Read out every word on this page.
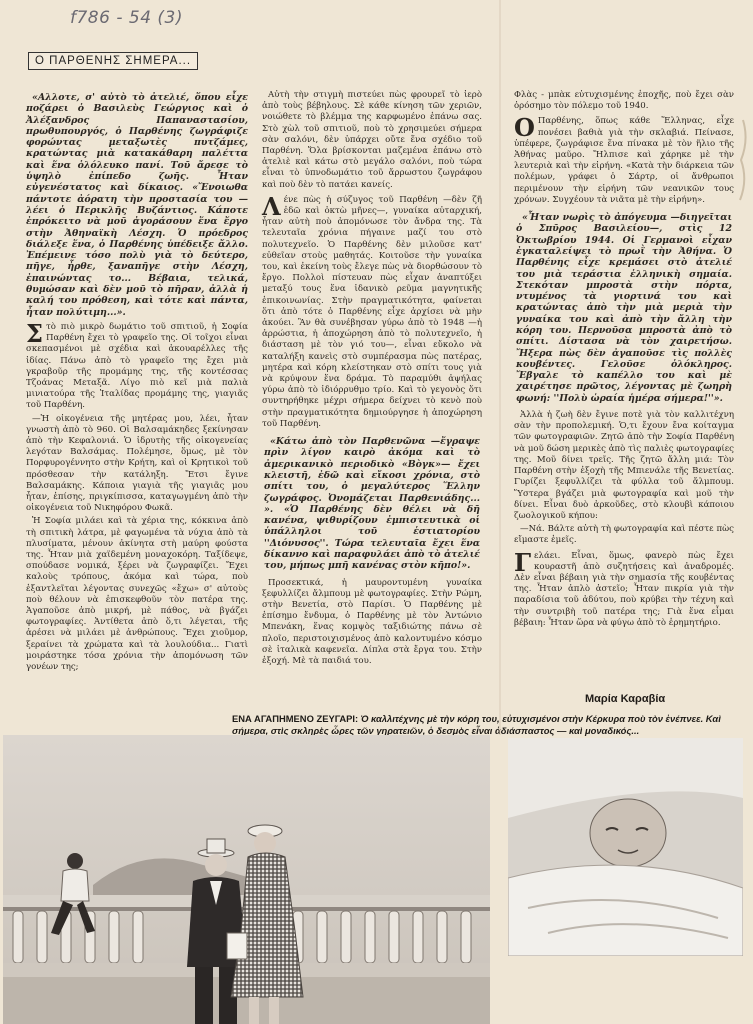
f786 - 54 (3)
Ο ΠΑΡΘΕΝΗΣ ΣΗΜΕΡΑ...

«Αλλοτε, σ' αὐτὸ τὸ ἀτελιέ, ὅπου εἶχε ποζάρει ὁ Βασιλεὺς Γεώργιος καὶ ὁ Ἀλέξανδρος Παπαναστασίου, πρωθυπουργός, ὁ Παρθένης ζωγράφιζε φορώντας μεταξωτὲς πυτζάμες, κρατώντας μιὰ κατακάθαρη παλέττα καὶ ἕνα ὁλόλευκο πανί. Τοῦ ἄρεσε τὸ ὑψηλὸ ἐπίπεδο ζωῆς. Ἦταν εὐγενέστατος καὶ δίκαιος. «Ἔνοιωθα πάντοτε ἀόρατη τὴν προστασία του — λέει ὁ Περικλῆς Βυζάντιος. Κάποτε ἐπρόκειτο νὰ μοῦ ἀγοράσουν ἕνα ἔργο στὴν Ἀθηναϊκὴ Λέσχη. Ὁ πρόεδρος διάλεξε ἕνα, ὁ Παρθένης ὑπέδειξε ἄλλο. Ἐπέμεινε τόσο πολὺ γιὰ τὸ δεύτερο, πῆγε, ἦρθε, ξαναπῆγε στὴν Λέσχη, ἐπαινώντας το... Βέβαια, τελικά, θυμώσαν καὶ δὲν μοῦ τὸ πῆραν, ἀλλὰ ἡ καλή του πρόθεση, καὶ τότε καὶ πάντα, ἦταν πολύτιμη...».

Στὸ πιὸ μικρὸ δωμάτιο τοῦ σπιτιοῦ, ἡ Σοφία Παρθένη ἔχει τὸ γραφεῖο της. Οἱ τοῖχοι εἶναι σκεπασμένοι μὲ σχέδια καὶ ἀκουαρέλλες τῆς ἰδίας. Πάνω ἀπὸ τὸ γραφεῖο της ἔχει μιὰ γκραβοῦρ τῆς προμάμης της, τῆς κοντέσσας Τζοάνας Μεταξᾶ. Λίγο πιὸ κεῖ μιὰ παλιὰ μινιατούρα τῆς Ἰταλίδας προμάμης της, γιαγιᾶς τοῦ Παρθένη.

—Ἡ οἰκογένεια τῆς μητέρας μου, λέει, ἦταν γνωστὴ ἀπὸ τὸ 960. Οἱ Βαλσαμάκηδες ξεκίνησαν ἀπὸ τὴν Κεφαλονιά. Ὁ ἱδρυτὴς τῆς οἰκογενείας λεγόταν Βαλσάμας. Πολέμησε, ὅμως, μὲ τὸν Πορφυρογέννητο στὴν Κρήτη, καὶ οἱ Κρητικοὶ τοῦ πρόσθεσαν τὴν κατάληξη. Ἔτσι ἔγινε Βαλσαμάκης. Κάποια γιαγιὰ τῆς γιαγιᾶς μου ἦταν, ἐπίσης, πριγκίπισσα, καταγωγμένη ἀπὸ τὴν οἰκογένεια τοῦ Νικηφόρου Φωκᾶ.

Ἡ Σοφία μιλάει καὶ τὰ χέρια της, κόκκινα ἀπὸ τὴ σπιτικὴ λάτρα, μὲ φαγωμένα τὰ νύχια ἀπὸ τὰ πλυσίματα, μένουν ἀκίνητα στὴ μαύρη φούστα της. Ἦταν μιὰ χαϊδεμένη μοναχοκόρη. Ταξίδεψε, σπούδασε νομικά, ξέρει νὰ ζωγραφίζει. Ἔχει καλοὺς τρόπους, ἀκόμα καὶ τώρα, ποὺ ἐξαντλεῖται λέγοντας συνεχῶς «ἔχω» σ' αὐτοὺς ποὺ θέλουν νὰ ἐπισκεφθοῦν τὸν πατέρα της. Ἀγαποῦσε ἀπὸ μικρή, μὲ πάθος, νὰ βγάζει φωτογραφίες. Ἀντίθετα ἀπὸ ὅ,τι λέγεται, τῆς ἀρέσει νὰ μιλάει μὲ ἀνθρώπους. Ἔχει χιοῦμορ, ξεραίνει τὰ χρώματα καὶ τὰ λουλούδια... Γιατὶ μοιράστηκε τόσα χρόνια τὴν ἀπομόνωση τῶν γονέων της;

Αὐτὴ τὴν στιγμὴ πιστεύει πὼς φρουρεῖ τὸ ἱερὸ ἀπὸ τοὺς βέβηλους. Σὲ κάθε κίνηση τῶν χεριῶν, νοιώθετε τὸ βλέμμα της καρφωμένο ἐπάνω σας. Στὸ χὼλ τοῦ σπιτιοῦ, ποὺ τὸ χρησιμεύει σήμερα σὰν σαλόνι, δὲν ὑπάρχει οὔτε ἕνα σχέδιο τοῦ Παρθένη. Ὅλα βρίσκονται μαζεμένα ἐπάνω στὸ ἀτελιὲ καὶ κάτω στὸ μεγάλο σαλόνι, ποὺ τώρα εἶναι τὸ ὑπνοδωμάτιο τοῦ ἄρρωστου ζωγράφου καὶ ποὺ δὲν τὸ πατάει κανείς.

Λένε πὼς ἡ σύζυγος τοῦ Παρθένη —δὲν ζῆ ἐδῶ καὶ ὀκτὼ μῆνες—, γυναίκα αὐταρχική, ἦταν αὐτὴ ποὺ ἀπομόνωσε τὸν ἄνδρα της. Τὰ τελευταῖα χρόνια πήγαινε μαζί του στὸ πολυτεχνεῖο. Ὁ Παρθένης δὲν μιλοῦσε κατ' εὐθεῖαν στοὺς μαθητάς. Κοιτοῦσε τὴν γυναίκα του, καὶ ἐκείνη τοὺς ἔλεγε πὼς νὰ διορθώσουν τὸ ἔργο. Πολλοὶ πίστευαν πὼς εἶχαν ἀναπτύξει μεταξύ τους ἕνα ἰδανικὸ ρεῦμα μαγνητικῆς ἐπικοινωνίας. Στὴν πραγματικότητα, φαίνεται ὅτι ἀπὸ τότε ὁ Παρθένης εἶχε ἀρχίσει νὰ μὴν ἀκούει. Ἂν θὰ συνέβησαν γύρω ἀπὸ τὸ 1948 —ἡ ἀρρώστια, ἡ ἀποχώρηση ἀπὸ τὸ πολυτεχνεῖο, ἡ διάσταση μὲ τὸν γιό του—, εἶναι εὔκολο νὰ καταλήξη κανεὶς στὸ συμπέρασμα πὼς πατέρας, μητέρα καὶ κόρη κλείστηκαν στὸ σπίτι τους γιὰ νὰ κρύψουν ἕνα δράμα. Τὸ παραμύθι ἀψήλας γύρω ἀπὸ τὸ ἰδιόρρυθμο τρίο. Καὶ τὸ γεγονὸς ὅτι συντηρήθηκε μέχρι σήμερα δείχνει τὸ κενὸ ποὺ στὴν πραγματικότητα δημιούργησε ἡ ἀποχώρηση τοῦ Παρθένη.

«Κάτω ἀπὸ τὸν Παρθενῶνα —ἔγραψε πρὶν λίγον καιρὸ ἀκόμα καὶ τὸ ἀμερικανικὸ περιοδικὸ «Βὸγκ»— ἔχει κλειστῆ, ἐδῶ καὶ εἴκοσι χρόνια, στὸ σπίτι του, ὁ μεγαλύτερος Ἕλλην ζωγράφος. Ὀνομάζεται Παρθενιάδης... ». «Ὁ Παρθένης δὲν θέλει νὰ δῆ κανένα, ψιθυρίζουν ἐμπιστευτικὰ οἱ ὑπάλληλοι τοῦ ἑστιατορίου ''Διόνυσος''. Τώρα τελευταῖα ἔχει ἕνα δίκαννο καὶ παραφυλάει ἀπὸ τὸ ἀτελιέ του, μήπως μπῆ κανένας στὸν κῆπο!».

Προσεκτικά, ἡ μαυροντυμένη γυναίκα ξεφυλλίζει ἄλμπουμ μὲ φωτογραφίες. Στὴν Ρώμη, στὴν Βενετία, στὸ Παρίσι. Ὁ Παρθένης μὲ ἐπίσημο ἔνδυμα, ὁ Παρθένης μὲ τὸν Ἀντώνιο Μπενάκη, ἕνας κομψὸς ταξιδιώτης πάνω σὲ πλοῖο, περιστοιχισμένος ἀπὸ καλοντυμένο κόσμο σὲ ἰταλικὰ καφενεῖα. Δίπλα στὰ ἔργα του. Στὴν ἐξοχή. Μὲ τὰ παιδιά του.

Φλὰς - μπὰκ εὐτυχισμένης ἐποχῆς, ποὺ ἔχει σὰν ὁρόσημο τὸν πόλεμο τοῦ 1940.

Ο Παρθένης, ὅπως κάθε Ἕλληνας, εἶχε πονέσει βαθιὰ γιὰ τὴν σκλαβιά. Πείνασε, ὑπέφερε, ζωγράφισε ἕνα πίνακα μὲ τὸν ἥλιο τῆς Ἀθήνας μαῦρο. Ἤλπισε καὶ χάρηκε μὲ τὴν λευτεριὰ καὶ τὴν εἰρήνη. «Κατὰ τὴν διάρκεια τῶν πολέμων, γράφει ὁ Σάρτρ, οἱ ἄνθρωποι περιμένουν τὴν εἰρήνη τῶν νεανικῶν τους χρόνων. Συγχέουν τὰ νιᾶτα μὲ τὴν εἰρήνη».

«Ἦταν νωρὶς τὸ ἀπόγευμα —διηγεῖται ὁ Σπῦρος Βασιλείου—, στὶς 12 Ὀκτωβρίου 1944. Οἱ Γερμανοὶ εἶχαν ἐγκαταλείψει τὸ πρωῒ τὴν Ἀθήνα. Ὁ Παρθένης εἶχε κρεμάσει στὸ ἀτελιέ του μιὰ τεράστια ἑλληνικὴ σημαία. Στεκόταν μπροστὰ στὴν πόρτα, ντυμένος τὰ γιορτινά του καὶ κρατώντας ἀπὸ τὴν μιὰ μεριὰ τὴν γυναίκα του καὶ ἀπὸ τὴν ἄλλη τὴν κόρη του. Περνοῦσα μπροστὰ ἀπὸ τὸ σπίτι. Δίστασα νὰ τὸν χαιρετήσω. Ἤξερα πὼς δὲν ἀγαποῦσε τὶς πολλὲς κουβέντες. Γελοῦσε ὁλόκληρος. Ἔβγαλε τὸ καπέλλο του καὶ μὲ χαιρέτησε πρῶτος, λέγοντας μὲ ζωηρὴ φωνή: ''Πολὺ ὡραία ἡμέρα σήμερα!''».

Ἀλλὰ ἡ ζωὴ δὲν ἔγινε ποτὲ γιὰ τὸν καλλιτέχνη σὰν τὴν προπολεμική. Ὁ,τι ἔχουν ἔνα κοίταγμα τῶν φωτογραφιῶν. Ζητῶ ἀπὸ τὴν Σοφία Παρθένη νὰ μοῦ δώση μερικὲς ἀπὸ τὶς παλιὲς φωτογραφίες της. Μοῦ δίνει τρεῖς. Τῆς ζητῶ ἄλλη μιά: Τὸν Παρθένη στὴν ἐξοχὴ τῆς Μπιενάλε τῆς Βενετίας. Γυρίζει ξεφυλλίζει τὰ φύλλα τοῦ ἄλμπουμ. Ὕστερα βγάζει μιὰ φωτογραφία καὶ μοῦ τὴν δίνει. Εἶναι δυὸ ἀρκοῦδες, στὸ κλουβὶ κάποιου ζωολογικοῦ κήπου:

—Νά. Βάλτε αὐτὴ τὴ φωτογραφία καὶ πέστε πὼς εἴμαστε ἐμεῖς.

Γελάει. Εἶναι, ὅμως, φανερὸ πὼς ἔχει κουραστῆ ἀπὸ συζητήσεις καὶ ἀναδρομές. Δὲν εἶναι βέβαιη γιὰ τὴν σημασία τῆς κουβέντας της. Ἦταν ἀπλὸ ἀστεῖο; Ἦταν πικρία γιὰ τὴν παραδίσια τοῦ ἀδύτου, ποὺ κρύβει τὴν τέχνη καὶ τὴν συντριβὴ τοῦ πατέρα της; Γιὰ ἕνα εἶμαι βέβαιη: Ἦταν ὥρα νὰ φύγω ἀπὸ τὸ ἐρημητήριο.

Μαρία Καραβία
ΕΝΑ ΑΓΑΠΗΜΕΝΟ ΖΕΥΓΑΡΙ: Ὁ καλλιτέχνης μὲ τὴν κόρη του, εὐτυχισμένοι στὴν Κέρκυρα ποὺ τὸν ἐνέπνεε. Καὶ σήμερα, στὶς σκληρὲς ὧρες τῶν γηρατειῶν, ὁ δεσμὸς εἶναι ἀδιάσπαστος — καὶ μοναδικός...
